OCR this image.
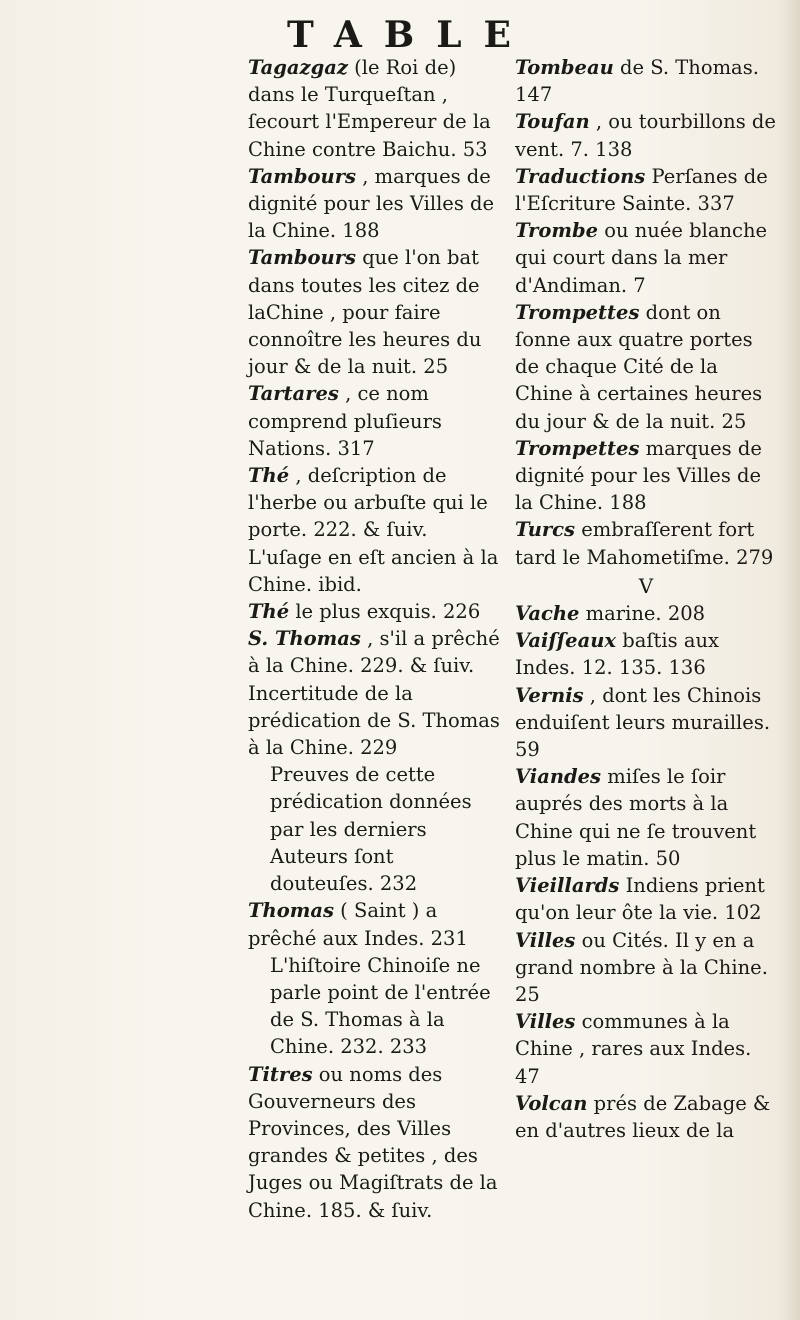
TABLE

Tagazgaz (le Roi de) dans le Turqueſtan , ſecourt l'Empereur de la Chine contre Baichu. 53

Tambours , marques de dignité pour les Villes de la Chine. 188

Tambours que l'on bat dans toutes les citez de laChine , pour faire connoître les heures du jour & de la nuit. 25

Tartares , ce nom comprend pluſieurs Nations. 317

Thé , deſcription de l'herbe ou arbuſte qui le porte. 222. & ſuiv. L'uſage en eſt ancien à la Chine. ibid.

Thé le plus exquis. 226

S. Thomas , s'il a prêché à la Chine. 229. & ſuiv. Incertitude de la prédication de S. Thomas à la Chine. 229

Preuves de cette prédication données par les derniers Auteurs ſont douteuſes. 232

Thomas ( Saint ) a prêché aux Indes. 231

L'hiſtoire Chinoiſe ne parle point de l'entrée de S. Thomas à la Chine. 232. 233

Titres ou noms des Gouverneurs des Provinces, des Villes grandes & petites , des Juges ou Magiſtrats de la Chine. 185. & ſuiv.

Tombeau de S. Thomas. 147

Toufan , ou tourbillons de vent. 7. 138

Traductions Perſanes de l'Eſcriture Sainte. 337

Trombe ou nuée blanche qui court dans la mer d'Andiman. 7

Trompettes dont on ſonne aux quatre portes de chaque Cité de la Chine à certaines heures du jour & de la nuit. 25

Trompettes marques de dignité pour les Villes de la Chine. 188

Turcs embraſſerent fort tard le Mahometiſme. 279

V

Vache marine. 208

Vaiſſeaux baſtis aux Indes. 12. 135. 136

Vernis , dont les Chinois enduiſent leurs murailles. 59

Viandes miſes le ſoir auprés des morts à la Chine qui ne ſe trouvent plus le matin. 50

Vieillards Indiens prient qu'on leur ôte la vie. 102

Villes ou Cités. Il y en a grand nombre à la Chine. 25

Villes communes à la Chine , rares aux Indes. 47

Volcan prés de Zabage & en d'autres lieux de la
